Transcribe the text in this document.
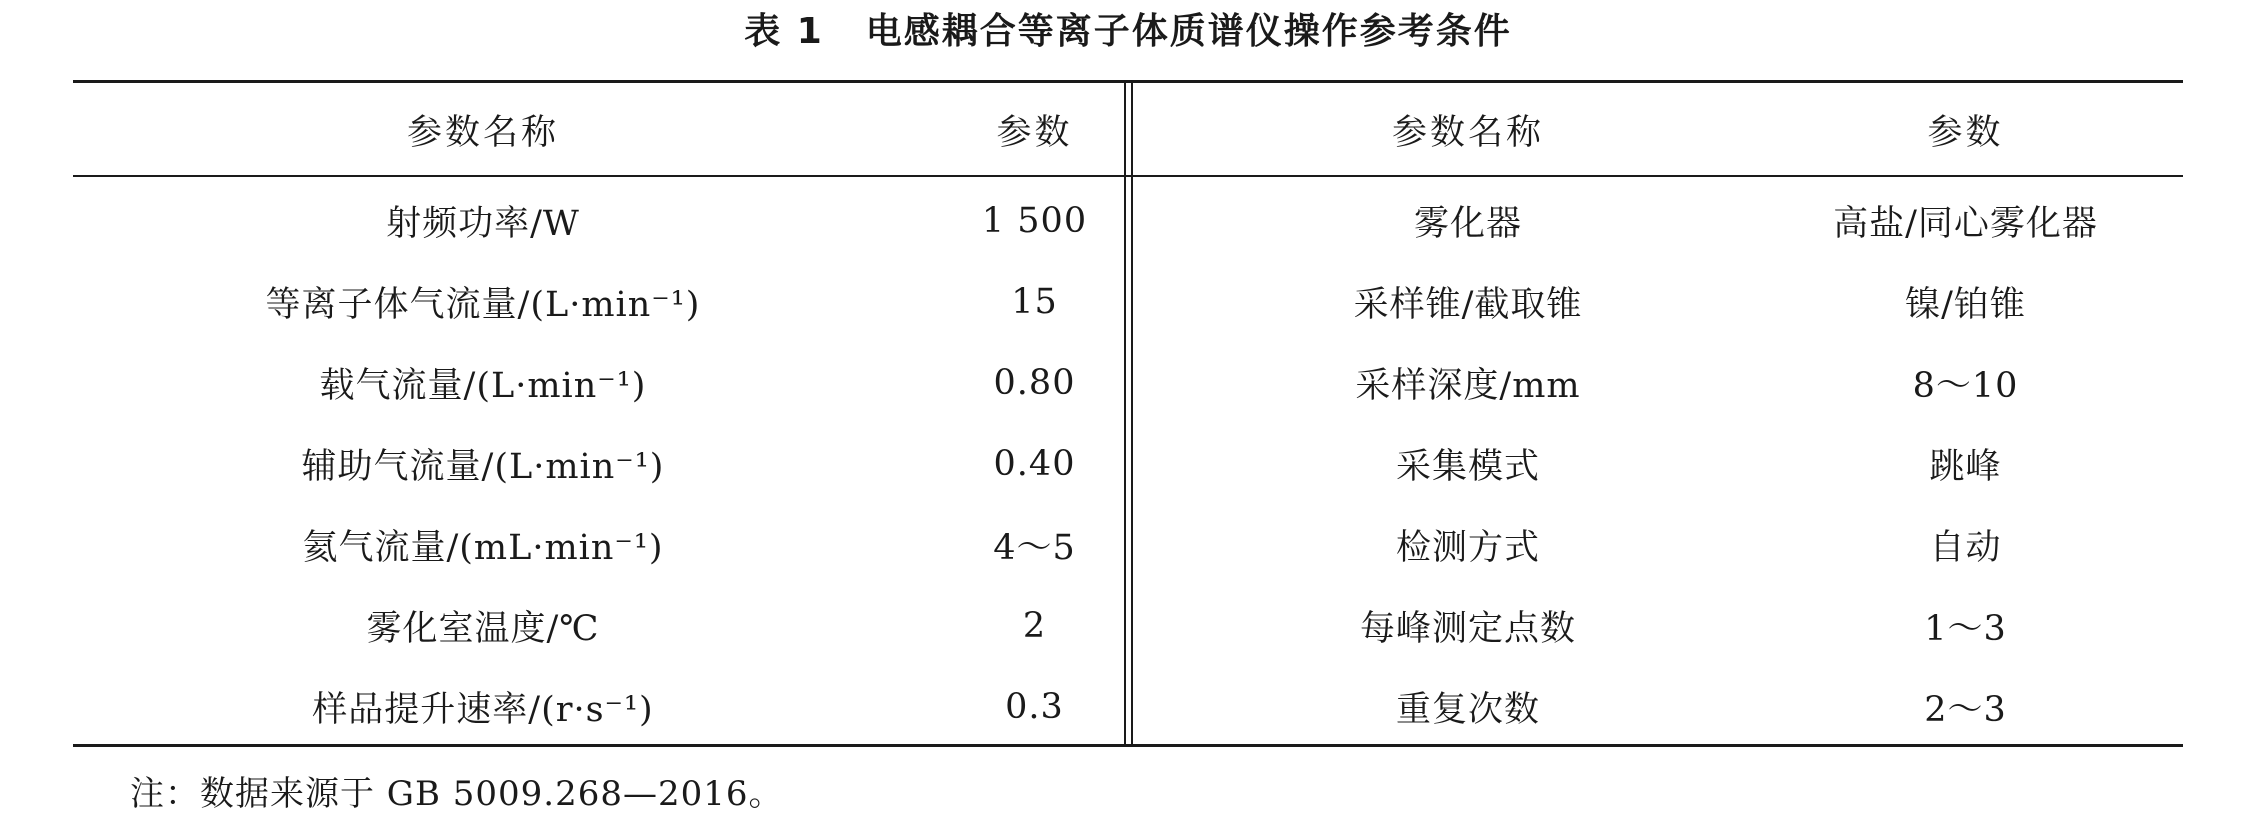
表 1 电感耦合等离子体质谱仪操作参考条件
参数名称	参数	参数名称	参数
射频功率/W	1 500	雾化器	高盐/同心雾化器
等离子体气流量/(L·min⁻¹)	15	采样锥/截取锥	镍/铂锥
载气流量/(L·min⁻¹)	0.80	采样深度/mm	8～10
辅助气流量/(L·min⁻¹)	0.40	采集模式	跳峰
氦气流量/(mL·min⁻¹)	4～5	检测方式	自动
雾化室温度/℃	2	每峰测定点数	1～3
样品提升速率/(r·s⁻¹)	0.3	重复次数	2～3
注：数据来源于 GB 5009.268—2016。
